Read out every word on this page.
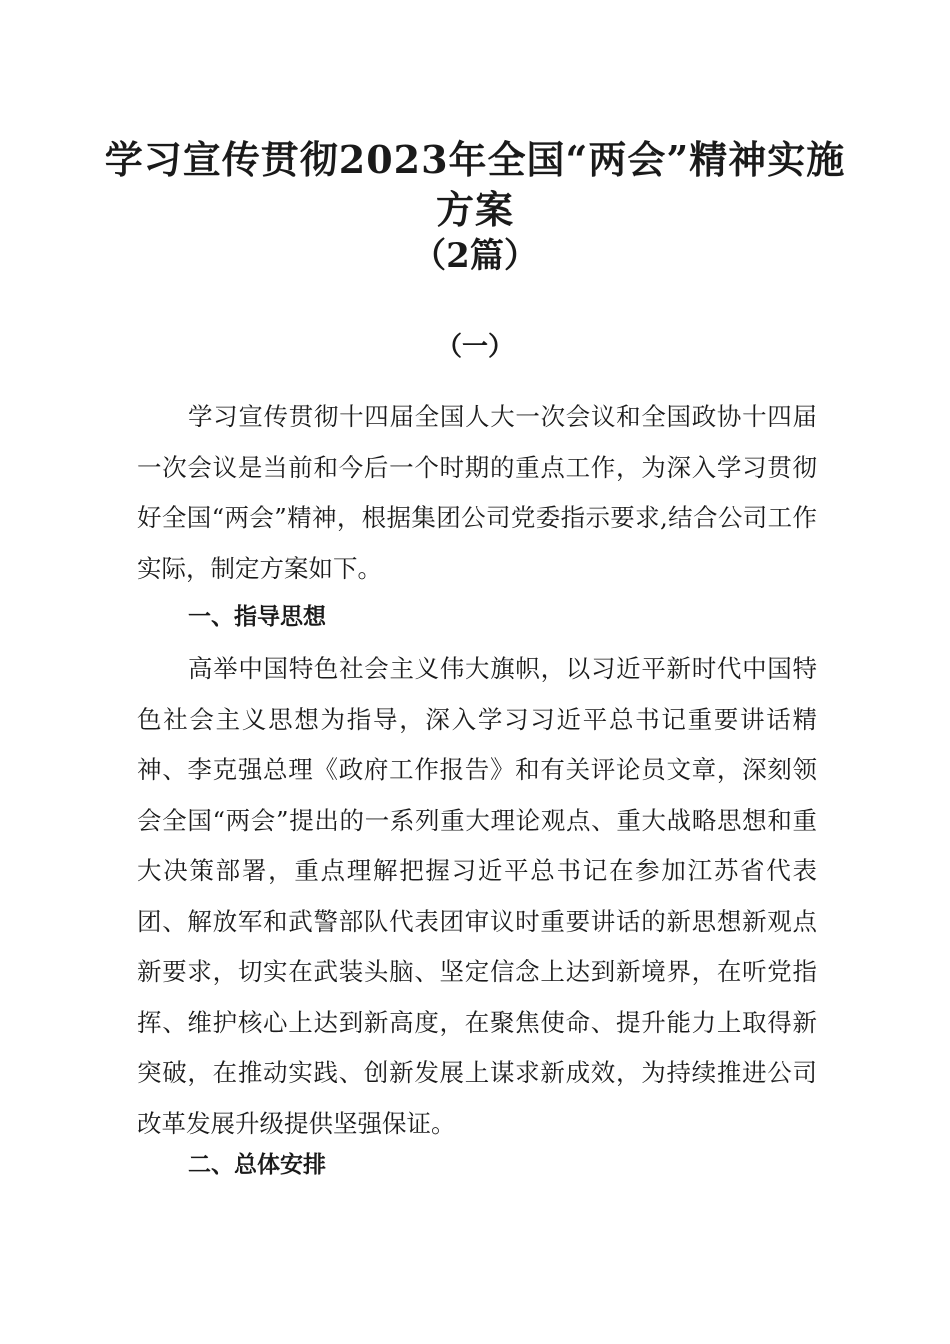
学习宣传贯彻2023年全国“两会”精神实施
方案
（2篇）
（一）

学习宣传贯彻十四届全国人大一次会议和全国政协十四届一次会议是当前和今后一个时期的重点工作，为深入学习贯彻好全国“两会”精神，根据集团公司党委指示要求,结合公司工作实际，制定方案如下。

一、指导思想

高举中国特色社会主义伟大旗帜，以习近平新时代中国特色社会主义思想为指导，深入学习习近平总书记重要讲话精神、李克强总理《政府工作报告》和有关评论员文章，深刻领会全国“两会”提出的一系列重大理论观点、重大战略思想和重大决策部署，重点理解把握习近平总书记在参加江苏省代表团、解放军和武警部队代表团审议时重要讲话的新思想新观点新要求，切实在武装头脑、坚定信念上达到新境界，在听党指挥、维护核心上达到新高度，在聚焦使命、提升能力上取得新突破，在推动实践、创新发展上谋求新成效，为持续推进公司改革发展升级提供坚强保证。

二、总体安排
